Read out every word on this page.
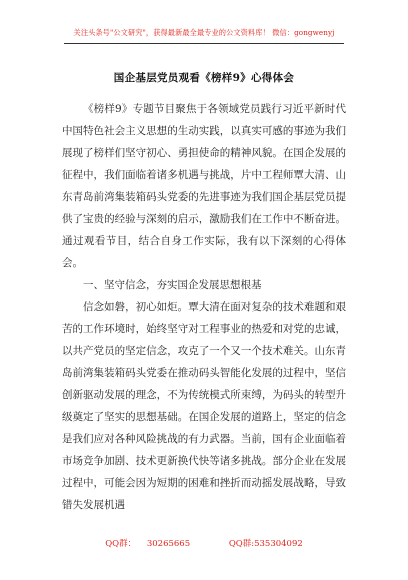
关注头条号"公文研究"，获得最新最全最专业的公文资料库！ 微信：gongwenyj
国企基层党员观看《榜样9》心得体会

《榜样9》专题节目聚焦于各领域党员践行习近平新时代中国特色社会主义思想的生动实践，以真实可感的事迹为我们展现了榜样们坚守初心、勇担使命的精神风貌。在国企发展的征程中，我们面临着诸多机遇与挑战，片中工程师覃大清、山东青岛前湾集装箱码头党委的先进事迹为我们国企基层党员提供了宝贵的经验与深刻的启示，激励我们在工作中不断奋进。通过观看节目，结合自身工作实际，我有以下深刻的心得体会。

一、坚守信念，夯实国企发展思想根基

信念如磐，初心如炬。覃大清在面对复杂的技术难题和艰苦的工作环境时，始终坚守对工程事业的热爱和对党的忠诚，以共产党员的坚定信念，攻克了一个又一个技术难关。山东青岛前湾集装箱码头党委在推动码头智能化发展的过程中，坚信创新驱动发展的理念，不为传统模式所束缚，为码头的转型升级奠定了坚实的思想基础。在国企发展的道路上，坚定的信念是我们应对各种风险挑战的有力武器。当前，国有企业面临着市场竞争加剧、技术更新换代快等诸多挑战。部分企业在发展过程中，可能会因为短期的困难和挫折而动摇发展战略，导致错失发展机遇

QQ群： 30265665	QQ群:535304092
